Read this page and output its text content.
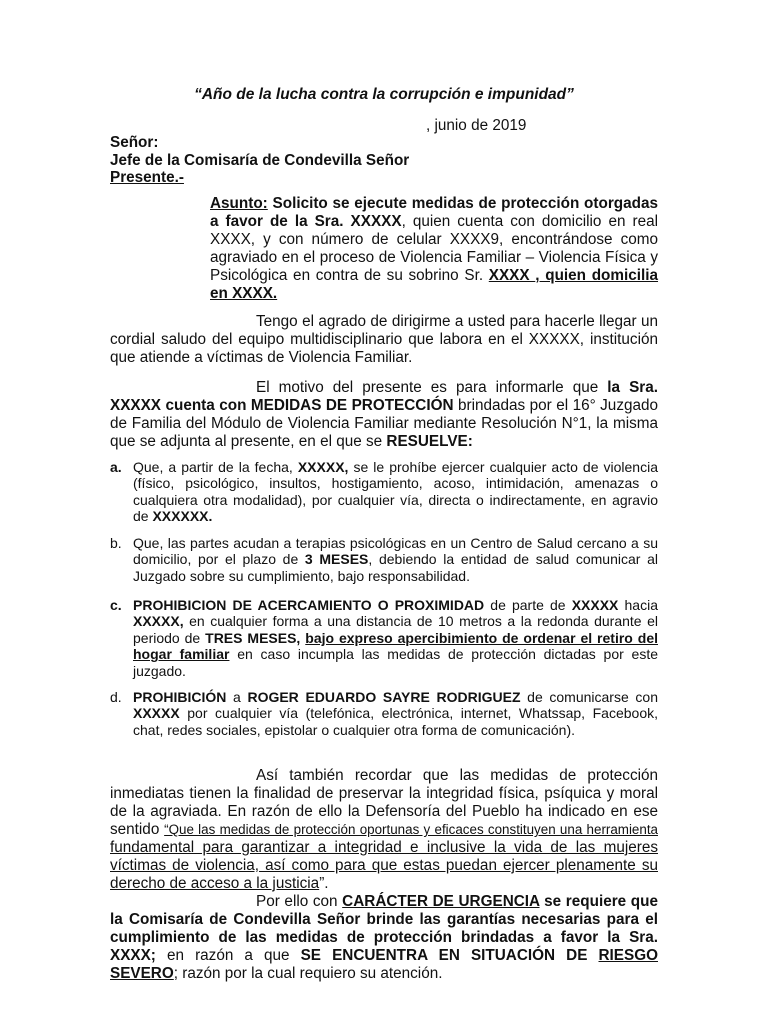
“Año de la lucha contra la corrupción e impunidad”
, junio de 2019
Señor:
Jefe de la Comisaría de Condevilla Señor
Presente.-
Asunto: Solicito se ejecute medidas de protección otorgadas a favor de la Sra. XXXXX, quien cuenta con domicilio en real XXXX, y con número de celular XXXX9, encontrándose como agraviado en el proceso de Violencia Familiar – Violencia Física y Psicológica en contra de su sobrino Sr. XXXX , quien domicilia en XXXX.
Tengo el agrado de dirigirme a usted para hacerle llegar un cordial saludo del equipo multidisciplinario que labora en el XXXXX, institución que atiende a víctimas de Violencia Familiar.
El motivo del presente es para informarle que la Sra. XXXXX cuenta con MEDIDAS DE PROTECCIÓN brindadas por el 16° Juzgado de Familia del Módulo de Violencia Familiar mediante Resolución N°1, la misma que se adjunta al presente, en el que se RESUELVE:
a. Que, a partir de la fecha, XXXXX, se le prohíbe ejercer cualquier acto de violencia (físico, psicológico, insultos, hostigamiento, acoso, intimidación, amenazas o cualquiera otra modalidad), por cualquier vía, directa o indirectamente, en agravio de XXXXXX.
b. Que, las partes acudan a terapias psicológicas en un Centro de Salud cercano a su domicilio, por el plazo de 3 MESES, debiendo la entidad de salud comunicar al Juzgado sobre su cumplimiento, bajo responsabilidad.
c. PROHIBICION DE ACERCAMIENTO O PROXIMIDAD de parte de XXXXX hacia XXXXX, en cualquier forma a una distancia de 10 metros a la redonda durante el periodo de TRES MESES, bajo expreso apercibimiento de ordenar el retiro del hogar familiar en caso incumpla las medidas de protección dictadas por este juzgado.
d. PROHIBICIÓN a ROGER EDUARDO SAYRE RODRIGUEZ de comunicarse con XXXXX por cualquier vía (telefónica, electrónica, internet, Whatssap, Facebook, chat, redes sociales, epistolar o cualquier otra forma de comunicación).
Así también recordar que las medidas de protección inmediatas tienen la finalidad de preservar la integridad física, psíquica y moral de la agraviada. En razón de ello la Defensoría del Pueblo ha indicado en ese sentido “Que las medidas de protección oportunas y eficaces constituyen una herramienta fundamental para garantizar a integridad e inclusive la vida de las mujeres víctimas de violencia, así como para que estas puedan ejercer plenamente su derecho de acceso a la justicia”.
Por ello con CARÁCTER DE URGENCIA se requiere que la Comisaría de Condevilla Señor brinde las garantías necesarias para el cumplimiento de las medidas de protección brindadas a favor la Sra. XXXX; en razón a que SE ENCUENTRA EN SITUACIÓN DE RIESGO SEVERO; razón por la cual requiero su atención.
